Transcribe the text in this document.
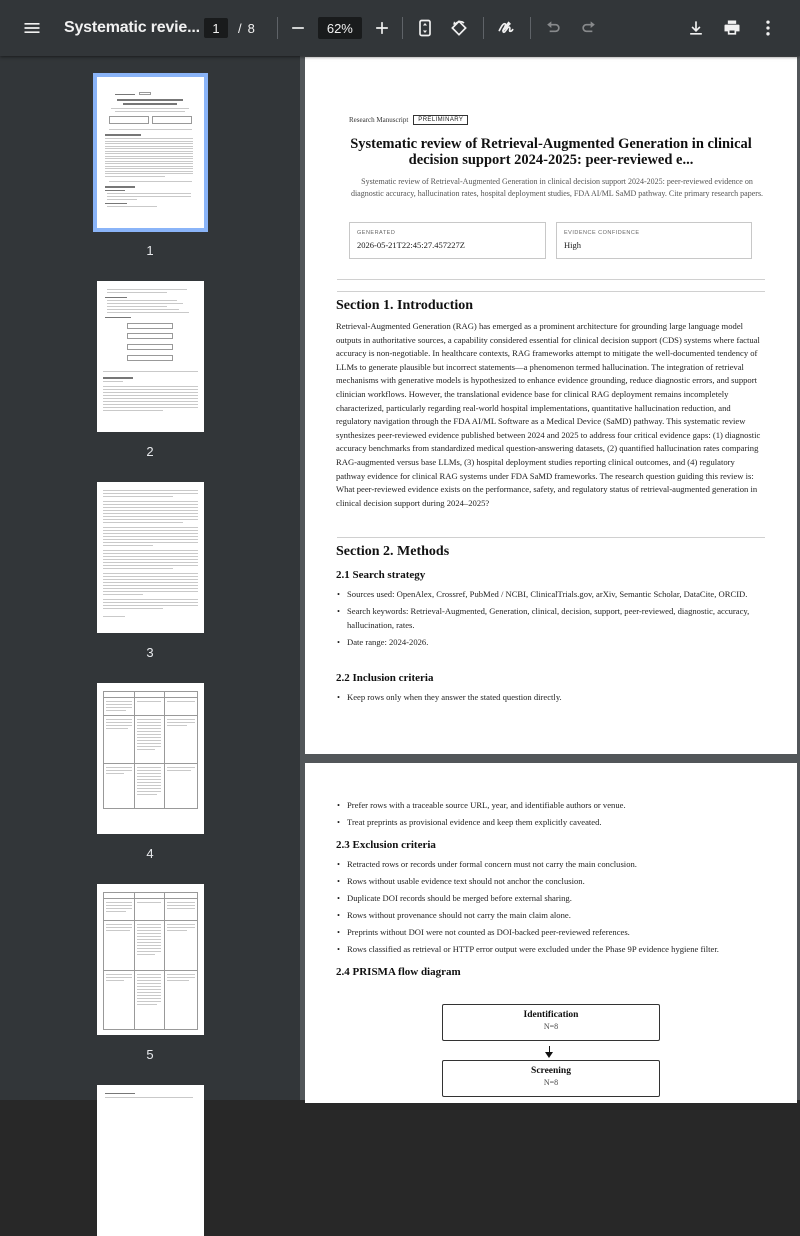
Systematic revie... 1	/ 8	62%
1
2
3
4
5
Research Manuscript	PRELIMINARY
Systematic review of Retrieval-Augmented Generation in clinical decision support 2024-2025: peer-reviewed e...
Systematic review of Retrieval-Augmented Generation in clinical decision support 2024-2025: peer-reviewed evidence on diagnostic accuracy, hallucination rates, hospital deployment studies, FDA AI/ML SaMD pathway. Cite primary research papers.
GENERATED
2026-05-21T22:45:27.457227Z
EVIDENCE CONFIDENCE
High
Section 1. Introduction
Retrieval-Augmented Generation (RAG) has emerged as a prominent architecture for grounding large language model outputs in authoritative sources, a capability considered essential for clinical decision support (CDS) systems where factual accuracy is non-negotiable. In healthcare contexts, RAG frameworks attempt to mitigate the well-documented tendency of LLMs to generate plausible but incorrect statements—a phenomenon termed hallucination. The integration of retrieval mechanisms with generative models is hypothesized to enhance evidence grounding, reduce diagnostic errors, and support clinician workflows. However, the translational evidence base for clinical RAG deployment remains incompletely characterized, particularly regarding real-world hospital implementations, quantitative hallucination reduction, and regulatory navigation through the FDA AI/ML Software as a Medical Device (SaMD) pathway. This systematic review synthesizes peer-reviewed evidence published between 2024 and 2025 to address four critical evidence gaps: (1) diagnostic accuracy benchmarks from standardized medical question-answering datasets, (2) quantified hallucination rates comparing RAG-augmented versus base LLMs, (3) hospital deployment studies reporting clinical outcomes, and (4) regulatory pathway evidence for clinical RAG systems under FDA SaMD frameworks. The research question guiding this review is: What peer-reviewed evidence exists on the performance, safety, and regulatory status of retrieval-augmented generation in clinical decision support during 2024–2025?
Section 2. Methods
2.1 Search strategy
• Sources used: OpenAlex, Crossref, PubMed / NCBI, ClinicalTrials.gov, arXiv, Semantic Scholar, DataCite, ORCID.
• Search keywords: Retrieval-Augmented, Generation, clinical, decision, support, peer-reviewed, diagnostic, accuracy, hallucination, rates.
• Date range: 2024-2026.
2.2 Inclusion criteria
• Keep rows only when they answer the stated question directly.
• Prefer rows with a traceable source URL, year, and identifiable authors or venue.
• Treat preprints as provisional evidence and keep them explicitly caveated.
2.3 Exclusion criteria
• Retracted rows or records under formal concern must not carry the main conclusion.
• Rows without usable evidence text should not anchor the conclusion.
• Duplicate DOI records should be merged before external sharing.
• Rows without provenance should not carry the main claim alone.
• Preprints without DOI were not counted as DOI-backed peer-reviewed references.
• Rows classified as retrieval or HTTP error output were excluded under the Phase 9P evidence hygiene filter.
2.4 PRISMA flow diagram
Identification
N=8
Screening
N=8
